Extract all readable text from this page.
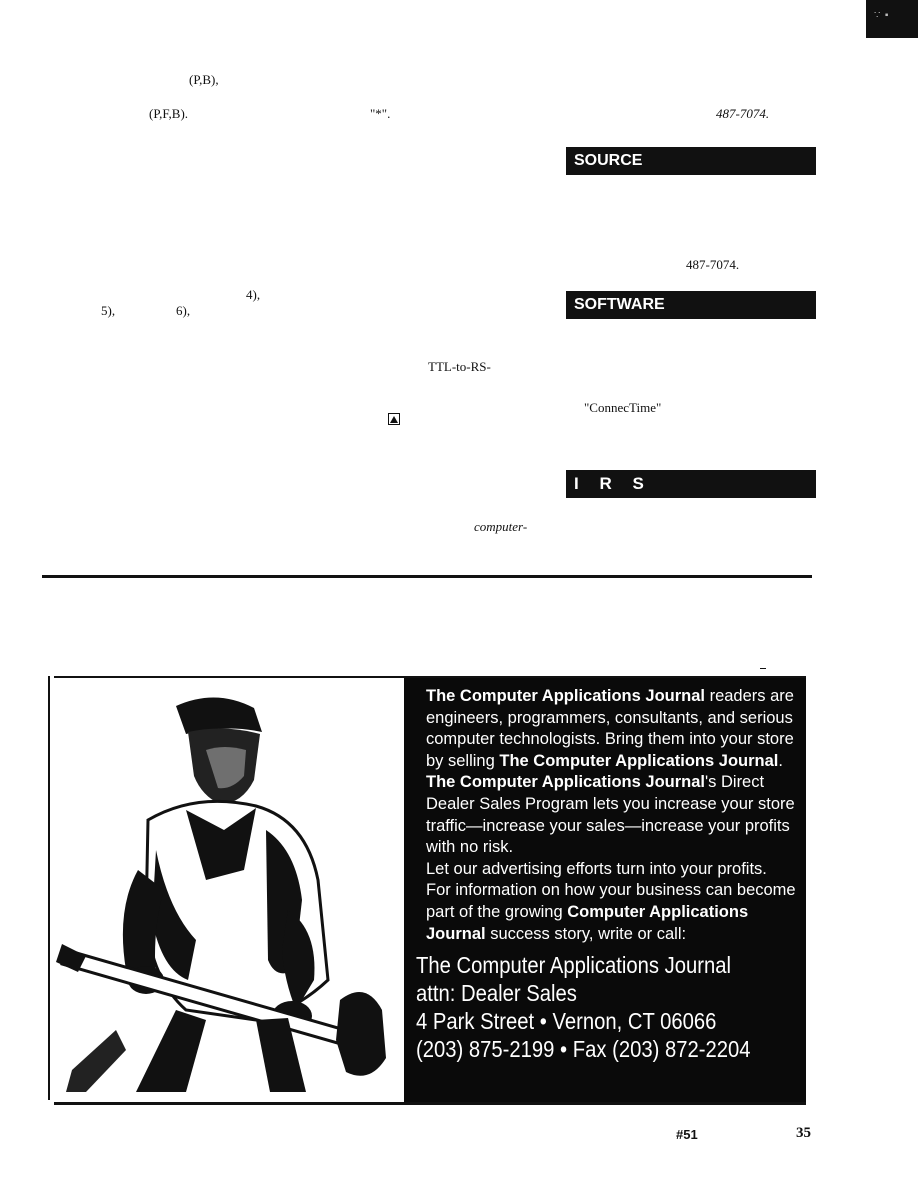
∵ ▪
(P,B),
(P,F,B).	"*".	487-7074.
SOURCE
487-7074.
4),
5),	6),	SOFTWARE
TTL-to-RS-
"ConnecTime"
I R S
computer-

The Computer Applications Journal readers are engineers, programmers, consultants, and serious computer technologists. Bring them into your store by selling The Computer Applications Journal.

The Computer Applications Journal's Direct Dealer Sales Program lets you increase your store traffic—increase your sales—increase your profits with no risk.

Let our advertising efforts turn into your profits.

For information on how your business can become part of the growing Computer Applications Journal success story, write or call:

The Computer Applications Journal
attn: Dealer Sales
4 Park Street • Vernon, CT 06066
(203) 875-2199 • Fax (203) 872-2204
#51	35
